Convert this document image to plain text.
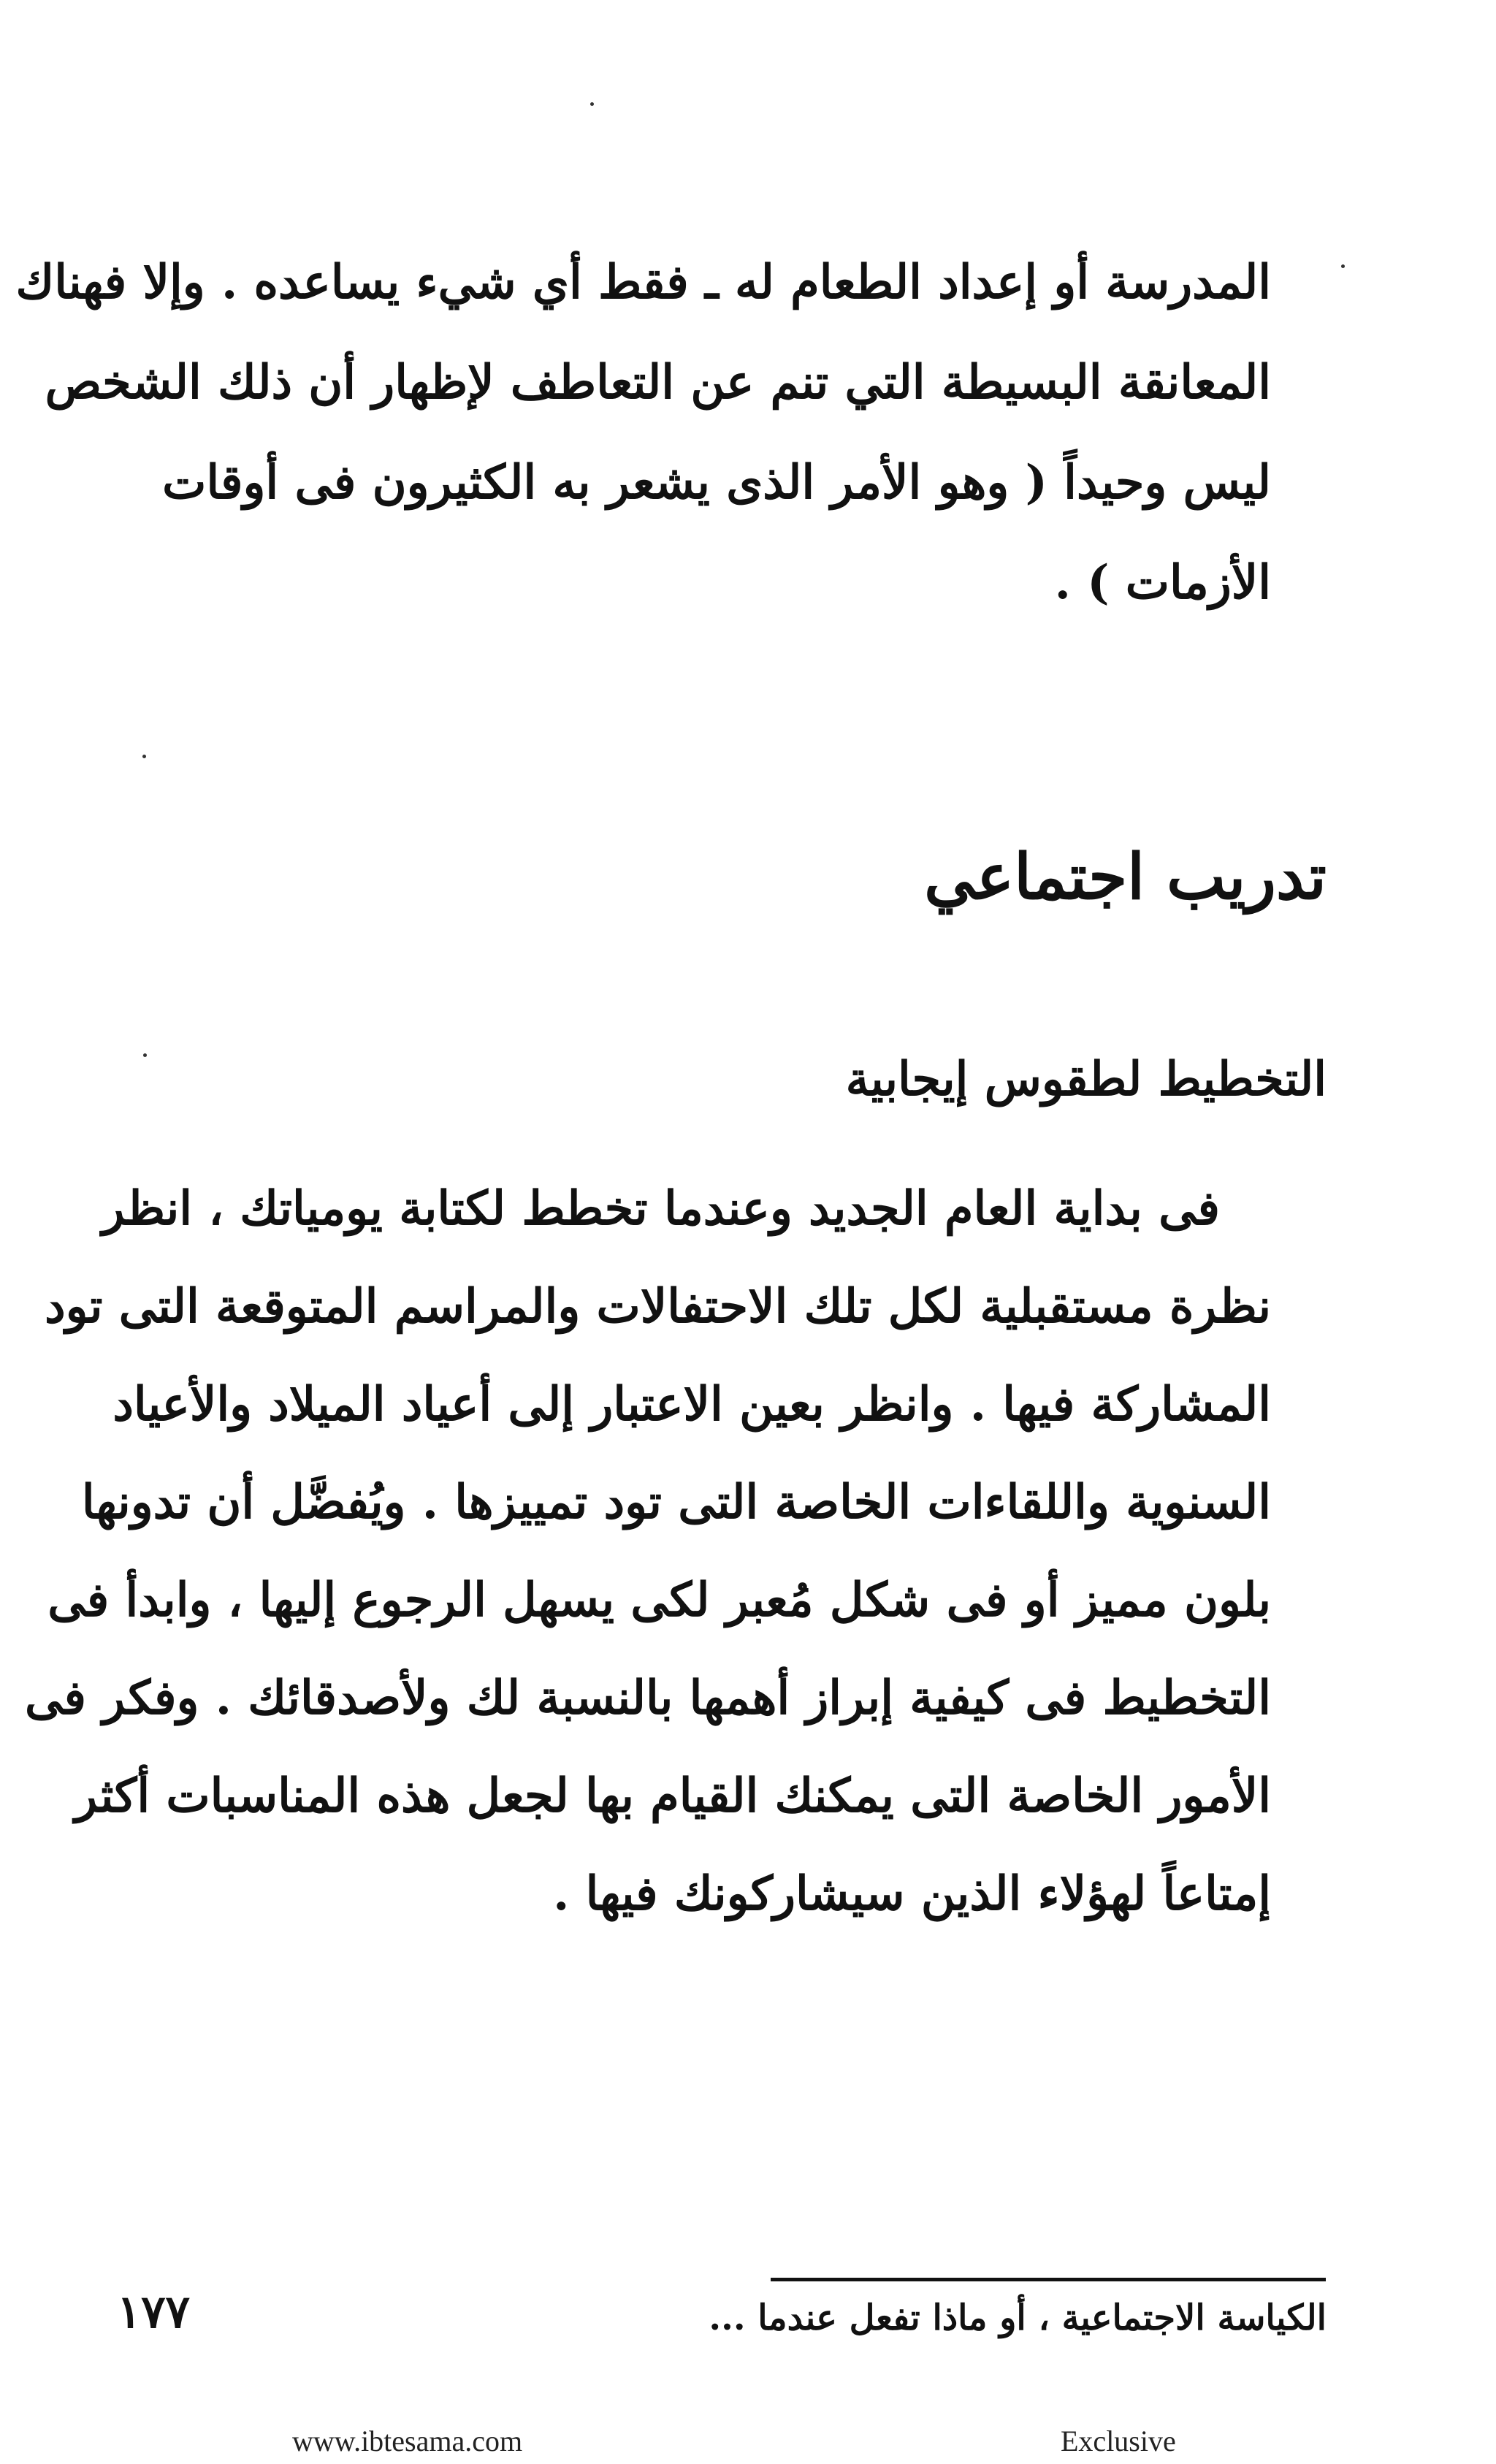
المدرسة أو إعداد الطعام له ـ فقط أي شيء يساعده . وإلا فهناك
المعانقة البسيطة التي تنم عن التعاطف لإظهار أن ذلك الشخص
ليس وحيداً ( وهو الأمر الذى يشعر به الكثيرون فى أوقات
الأزمات ) .
تدريب اجتماعي
التخطيط لطقوس إيجابية
فى بداية العام الجديد وعندما تخطط لكتابة يومياتك ، انظر
نظرة مستقبلية لكل تلك الاحتفالات والمراسم المتوقعة التى تود
المشاركة فيها . وانظر بعين الاعتبار إلى أعياد الميلاد والأعياد
السنوية واللقاءات الخاصة التى تود تمييزها . ويُفضَّل أن تدونها
بلون مميز أو فى شكل مُعبر لكى يسهل الرجوع إليها ، وابدأ فى
التخطيط فى كيفية إبراز أهمها بالنسبة لك ولأصدقائك . وفكر فى
الأمور الخاصة التى يمكنك القيام بها لجعل هذه المناسبات أكثر
إمتاعاً لهؤلاء الذين سيشاركونك فيها .
الكياسة الاجتماعية ، أو ماذا تفعل عندما ...
١٧٧
www.ibtesama.com	Exclusive
